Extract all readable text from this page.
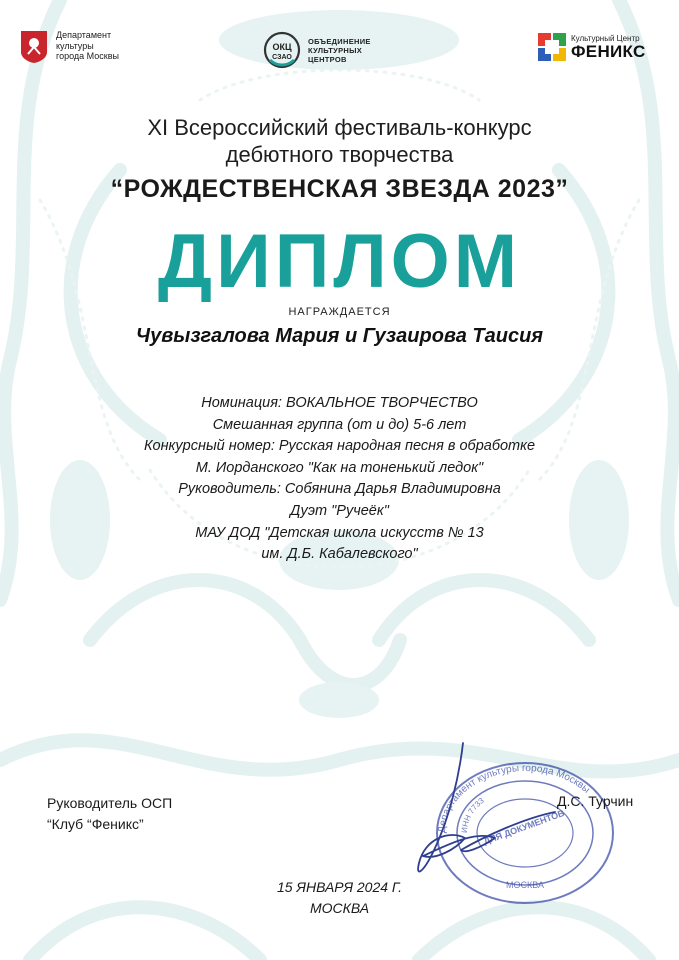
Департамент
культуры
города Москвы
ОКЦ
СЗАО
ОБЪЕДИНЕНИЕ
КУЛЬТУРНЫХ
ЦЕНТРОВ
Культурный Центр
ФЕНИКС
XI Всероссийский фестиваль-конкурс
дебютного творчества
“РОЖДЕСТВЕНСКАЯ ЗВЕЗДА 2023”
ДИПЛОМ
НАГРАЖДАЕТСЯ
Чувызгалова Мария и Гузаирова Таисия
Номинация: ВОКАЛЬНОЕ ТВОРЧЕСТВО
Смешанная группа (от и до) 5-6 лет
Конкурсный номер: Русская народная песня в обработке
М. Иорданского "Как на тоненький ледок"
Руководитель: Собянина Дарья Владимировна
Дуэт "Ручеёк"
МАУ ДОД "Детская школа искусств № 13
им. Д.Б. Кабалевского"
Руководитель ОСП
“Клуб “Феникс”	Департамент культуры города Москвы
ИНН 7733
ДЛЯ ДОКУМЕНТОВ
МОСКВА
Д.С. Турчин
15 ЯНВАРЯ 2024 Г.
МОСКВА
